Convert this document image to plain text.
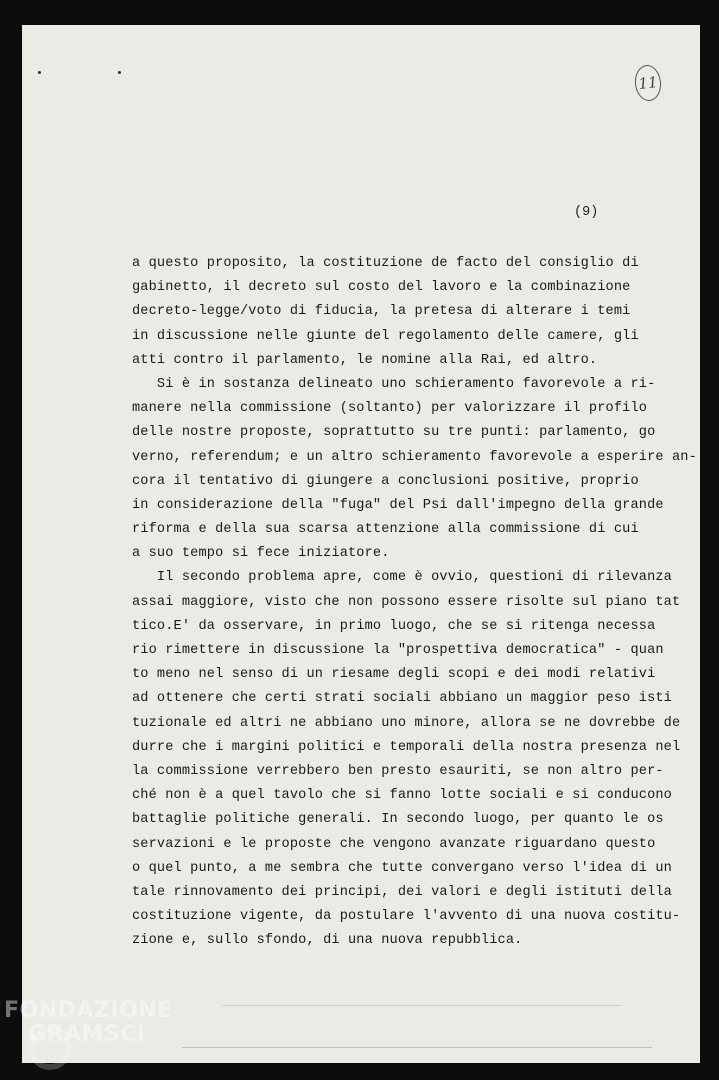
11
(9)
a questo proposito, la costituzione de facto del consiglio di
gabinetto, il decreto sul costo del lavoro e la combinazione
decreto-legge/voto di fiducia, la pretesa di alterare i temi
in discussione nelle giunte del regolamento delle camere, gli
atti contro il parlamento, le nomine alla Rai, ed altro.
Si è in sostanza delineato uno schieramento favorevole a ri-
manere nella commissione (soltanto) per valorizzare il profilo
delle nostre proposte, soprattutto su tre punti: parlamento, go
verno, referendum; e un altro schieramento favorevole a esperire an-
cora il tentativo di giungere a conclusioni positive, proprio
in considerazione della "fuga" del Psi dall'impegno della grande
riforma e della sua scarsa attenzione alla commissione di cui
a suo tempo si fece iniziatore.
Il secondo problema apre, come è ovvio, questioni di rilevanza
assai maggiore, visto che non possono essere risolte sul piano tat
tico.E' da osservare, in primo luogo, che se si ritenga necessa
rio rimettere in discussione la "prospettiva democratica" - quan
to meno nel senso di un riesame degli scopi e dei modi relativi
ad ottenere che certi strati sociali abbiano un maggior peso isti
tuzionale ed altri ne abbiano uno minore, allora se ne dovrebbe de
durre che i margini politici e temporali della nostra presenza nel
la commissione verrebbero ben presto esauriti, se non altro per-
ché non è a quel tavolo che si fanno lotte sociali e si conducono
battaglie politiche generali. In secondo luogo, per quanto le os
servazioni e le proposte che vengono avanzate riguardano questo
o quel punto, a me sembra che tutte convergano verso l'idea di un
tale rinnovamento dei principi, dei valori e degli istituti della
costituzione vigente, da postulare l'avvento di una nuova costitu-
zione e, sullo sfondo, di una nuova repubblica.
FONDAZIONE
GRAMSCI
